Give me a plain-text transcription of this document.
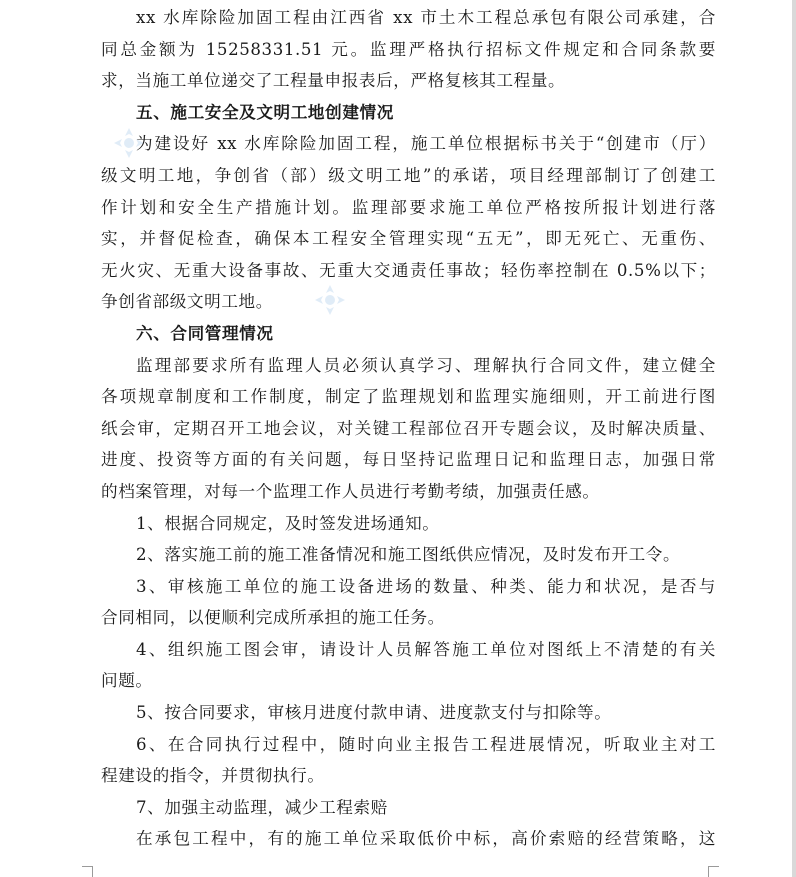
xx 水库除险加固工程由江西省 xx 市土木工程总承包有限公司承建，合
同总金额为 15258331.51 元。监理严格执行招标文件规定和合同条款要
求，当施工单位递交了工程量申报表后，严格复核其工程量。
五、施工安全及文明工地创建情况
为建设好 xx 水库除险加固工程，施工单位根据标书关于“创建市（厅）
级文明工地，争创省（部）级文明工地”的承诺，项目经理部制订了创建工
作计划和安全生产措施计划。监理部要求施工单位严格按所报计划进行落
实，并督促检查，确保本工程安全管理实现“五无”，即无死亡、无重伤、
无火灾、无重大设备事故、无重大交通责任事故；轻伤率控制在 0.5%以下；
争创省部级文明工地。
六、合同管理情况
监理部要求所有监理人员必须认真学习、理解执行合同文件，建立健全
各项规章制度和工作制度，制定了监理规划和监理实施细则，开工前进行图
纸会审，定期召开工地会议，对关键工程部位召开专题会议，及时解决质量、
进度、投资等方面的有关问题，每日坚持记监理日记和监理日志，加强日常
的档案管理，对每一个监理工作人员进行考勤考绩，加强责任感。
1、根据合同规定，及时签发进场通知。
2、落实施工前的施工准备情况和施工图纸供应情况，及时发布开工令。
3、审核施工单位的施工设备进场的数量、种类、能力和状况，是否与
合同相同，以便顺利完成所承担的施工任务。
4、组织施工图会审，请设计人员解答施工单位对图纸上不清楚的有关
问题。
5、按合同要求，审核月进度付款申请、进度款支付与扣除等。
6、在合同执行过程中，随时向业主报告工程进展情况，听取业主对工
程建设的指令，并贯彻执行。
7、加强主动监理，减少工程索赔
在承包工程中，有的施工单位采取低价中标，高价索赔的经营策略，这
